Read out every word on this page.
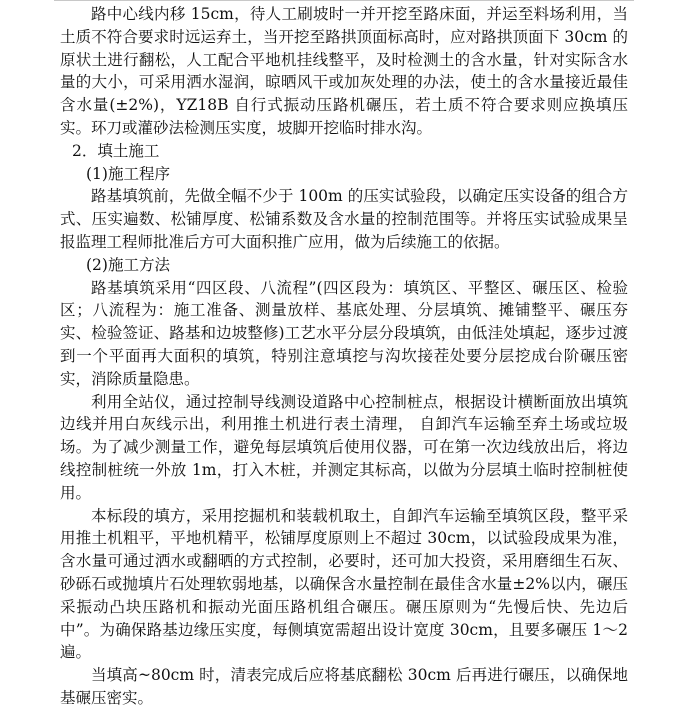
路中心线内移 15cm，待人工刷坡时一并开挖至路床面，并运至料场利用，当土质不符合要求时远运弃土，当开挖至路拱顶面标高时，应对路拱顶面下 30cm 的原状土进行翻松，人工配合平地机挂线整平，及时检测土的含水量，针对实际含水量的大小，可采用洒水湿润，晾晒风干或加灰处理的办法，使土的含水量接近最佳含水量(±2%)，YZ18B 自行式振动压路机碾压，若土质不符合要求则应换填压实。环刀或灌砂法检测压实度，坡脚开挖临时排水沟。

2．填土施工

(1)施工程序

路基填筑前，先做全幅不少于 100m 的压实试验段，以确定压实设备的组合方式、压实遍数、松铺厚度、松铺系数及含水量的控制范围等。并将压实试验成果呈报监理工程师批准后方可大面积推广应用，做为后续施工的依据。

(2)施工方法

路基填筑采用“四区段、八流程”(四区段为：填筑区、平整区、碾压区、检验区；八流程为：施工准备、测量放样、基底处理、分层填筑、摊铺整平、碾压夯实、检验签证、路基和边坡整修)工艺水平分层分段填筑，由低洼处填起，逐步过渡到一个平面再大面积的填筑，特别注意填挖与沟坎接茬处要分层挖成台阶碾压密实，消除质量隐患。

利用全站仪，通过控制导线测设道路中心控制桩点，根据设计横断面放出填筑边线并用白灰线示出，利用推土机进行表土清理， 自卸汽车运输至弃土场或垃圾场。为了减少测量工作，避免每层填筑后使用仪器，可在第一次边线放出后，将边线控制桩统一外放 1m，打入木桩，并测定其标高，以做为分层填土临时控制桩使用。

本标段的填方，采用挖掘机和装载机取土，自卸汽车运输至填筑区段，整平采用推土机粗平，平地机精平，松铺厚度原则上不超过 30cm，以试验段成果为准，含水量可通过洒水或翻晒的方式控制，必要时，还可加大投资，采用磨细生石灰、砂砾石或抛填片石处理软弱地基，以确保含水量控制在最佳含水量±2%以内，碾压采振动凸块压路机和振动光面压路机组合碾压。碾压原则为“先慢后快、先边后中”。为确保路基边缘压实度，每侧填宽需超出设计宽度 30cm，且要多碾压 1～2 遍。

当填高~80cm 时，清表完成后应将基底翻松 30cm 后再进行碾压，以确保地基碾压密实。
